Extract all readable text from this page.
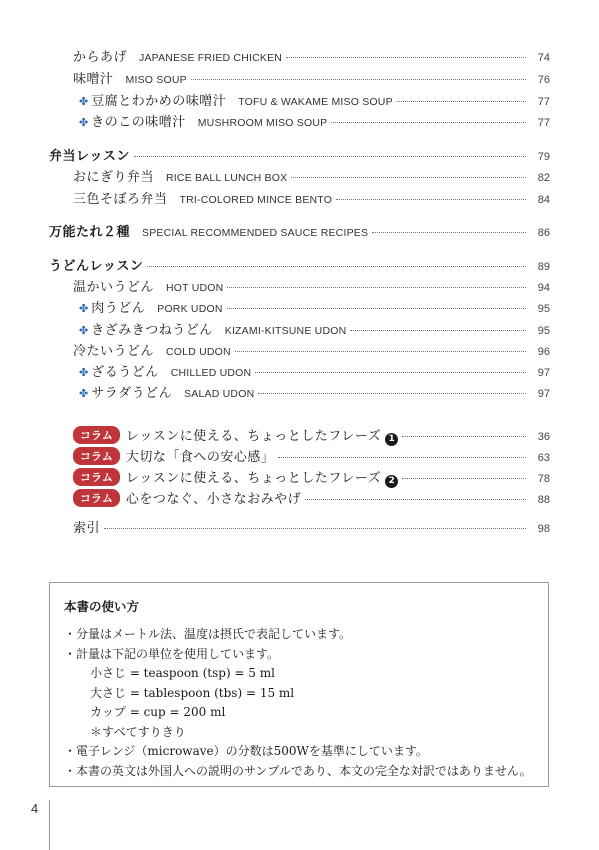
からあげ JAPANESE FRIED CHICKEN	74
味噌汁 MISO SOUP	76
✤ 豆腐とわかめの味噌汁 TOFU & WAKAME MISO SOUP	77
✤ きのこの味噌汁 MUSHROOM MISO SOUP	77
弁当レッスン	79
おにぎり弁当 RICE BALL LUNCH BOX	82
三色そぼろ弁当 TRI-COLORED MINCE BENTO	84
万能たれ２種 SPECIAL RECOMMENDED SAUCE RECIPES	86
うどんレッスン	89
温かいうどん HOT UDON	94
✤ 肉うどん PORK UDON	95
✤ きざみきつねうどん KIZAMI-KITSUNE UDON	95
冷たいうどん COLD UDON	96
✤ ざるうどん CHILLED UDON	97
✤ サラダうどん SALAD UDON	97
コラム	レッスンに使える、ちょっとしたフレーズ 1	36
コラム	大切な「食への安心感」	63
コラム	レッスンに使える、ちょっとしたフレーズ 2	78
コラム	心をつなぐ、小さなおみやげ	88
索引	98
本書の使い方
・分量はメートル法、温度は摂氏で表記しています。
・計量は下記の単位を使用しています。
小さじ = teaspoon (tsp) = 5 ml
大さじ = tablespoon (tbs) = 15 ml
カップ = cup = 200 ml
＊すべてすりきり
・電子レンジ（microwave）の分数は500Wを基準にしています。
・本書の英文は外国人への説明のサンプルであり、本文の完全な対訳ではありません。
4
